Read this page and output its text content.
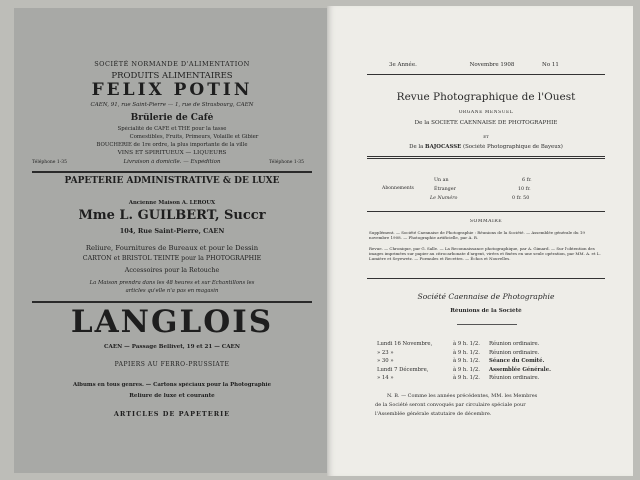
SOCIÉTÉ NORMANDE D'ALIMENTATION
PRODUITS ALIMENTAIRES
FELIX POTIN
CAEN, 91, rue Saint-Pierre — 1, rue de Strasbourg, CAEN
Brûlerie de Café
Spécialité de CAFÉ et THÉ pour la tasse
Comestibles, Fruits, Primeurs, Volaille et Gibier
BOUCHERIE de 1re ordre, la plus importante de la ville
VINS ET SPIRITUEUX — LIQUEURS
Téléphone 1-35	Livraison à domicile. — Expédition	Téléphone 1-35
PAPETERIE ADMINISTRATIVE & DE LUXE
Ancienne Maison A. LEROUX
Mme L. GUILBERT, Succr
104, Rue Saint-Pierre, CAEN
Reliure, Fournitures de Bureaux et pour le Dessin
CARTON et BRISTOL TEINTÉ pour la PHOTOGRAPHIE
Accessoires pour la Retouche
La Maison prendra dans les 48 heures et sur Échantillons les
articles qu'elle n'a pas en magasin
LANGLOIS
CAEN — Passage Bellivet, 19 et 21 — CAEN
PAPIERS AU FERRO-PRUSSIATE
Albums en tous genres. — Cartons spéciaux pour la Photographie
Reliure de luxe et courante
ARTICLES DE PAPETERIE
3e Année.	Novembre 1908	No 11
Revue Photographique de l'Ouest
ORGANE MENSUEL
De la SOCIÉTÉ CAENNAISE DE PHOTOGRAPHIE
ET
De la BAJOCASSE (Société Photographique de Bayeux)
Abonnements
Un an	6 fr.
Étranger	10 fr.
Le Numéro	0 fr. 50
SOMMAIRE
Supplément. — Société Caennaise de Photographie : Réunions de la Société. — Assemblée générale du 19 novembre 1908. — Photographie artificielle, par A. R.
Revue. — Chronique, par G. Salle. — La Reconnaissance photographique, par A. Gimard. — Sur l'obtention des images imprimées sur papier au citrocarbonate d'argent, virées et fixées en une seule opération, par MM. A. et L. Lumière et Seyewetz. — Formules et Recettes. — Échos et Nouvelles.
Société Caennaise de Photographie
Réunions de la Société
N. B. — Comme les années précédentes, MM. les Membres
de la Société seront convoqués par circulaire spéciale pour
l'Assemblée générale statutaire de décembre.
Lundi 16 Novembre,	à 9 h. 1/2. Réunion ordinaire.
» 23 »	à 9 h. 1/2. Réunion ordinaire.
» 30 »	à 9 h. 1/2. Séance du Comité.
Lundi 7 Décembre,	à 9 h. 1/2. Assemblée Générale.
» 14 »	à 9 h. 1/2. Réunion ordinaire.
